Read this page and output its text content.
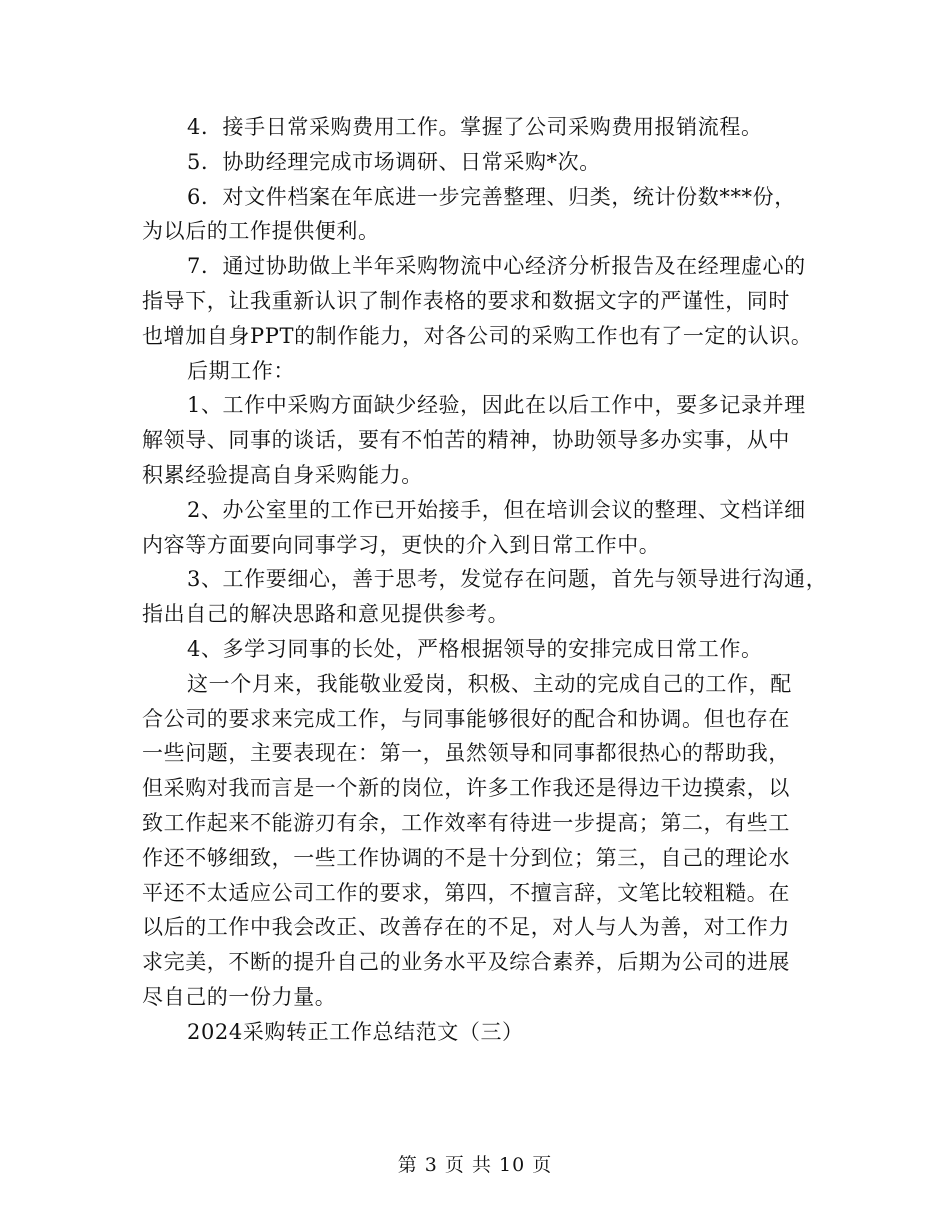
4．接手日常采购费用工作。掌握了公司采购费用报销流程。
5．协助经理完成市场调研、日常采购*次。
6．对文件档案在年底进一步完善整理、归类，统计份数***份，
为以后的工作提供便利。
7．通过协助做上半年采购物流中心经济分析报告及在经理虚心的
指导下，让我重新认识了制作表格的要求和数据文字的严谨性，同时
也增加自身PPT的制作能力，对各公司的采购工作也有了一定的认识。
后期工作：
1、工作中采购方面缺少经验，因此在以后工作中，要多记录并理
解领导、同事的谈话，要有不怕苦的精神，协助领导多办实事，从中
积累经验提高自身采购能力。
2、办公室里的工作已开始接手，但在培训会议的整理、文档详细
内容等方面要向同事学习，更快的介入到日常工作中。
3、工作要细心，善于思考，发觉存在问题，首先与领导进行沟通，
指出自己的解决思路和意见提供参考。
4、多学习同事的长处，严格根据领导的安排完成日常工作。
这一个月来，我能敬业爱岗，积极、主动的完成自己的工作，配
合公司的要求来完成工作，与同事能够很好的配合和协调。但也存在
一些问题，主要表现在：第一，虽然领导和同事都很热心的帮助我，
但采购对我而言是一个新的岗位，许多工作我还是得边干边摸索，以
致工作起来不能游刃有余，工作效率有待进一步提高；第二，有些工
作还不够细致，一些工作协调的不是十分到位；第三，自己的理论水
平还不太适应公司工作的要求，第四，不擅言辞，文笔比较粗糙。在
以后的工作中我会改正、改善存在的不足，对人与人为善，对工作力
求完美，不断的提升自己的业务水平及综合素养，后期为公司的进展
尽自己的一份力量。
2024采购转正工作总结范文（三）
第 3 页 共 10 页
